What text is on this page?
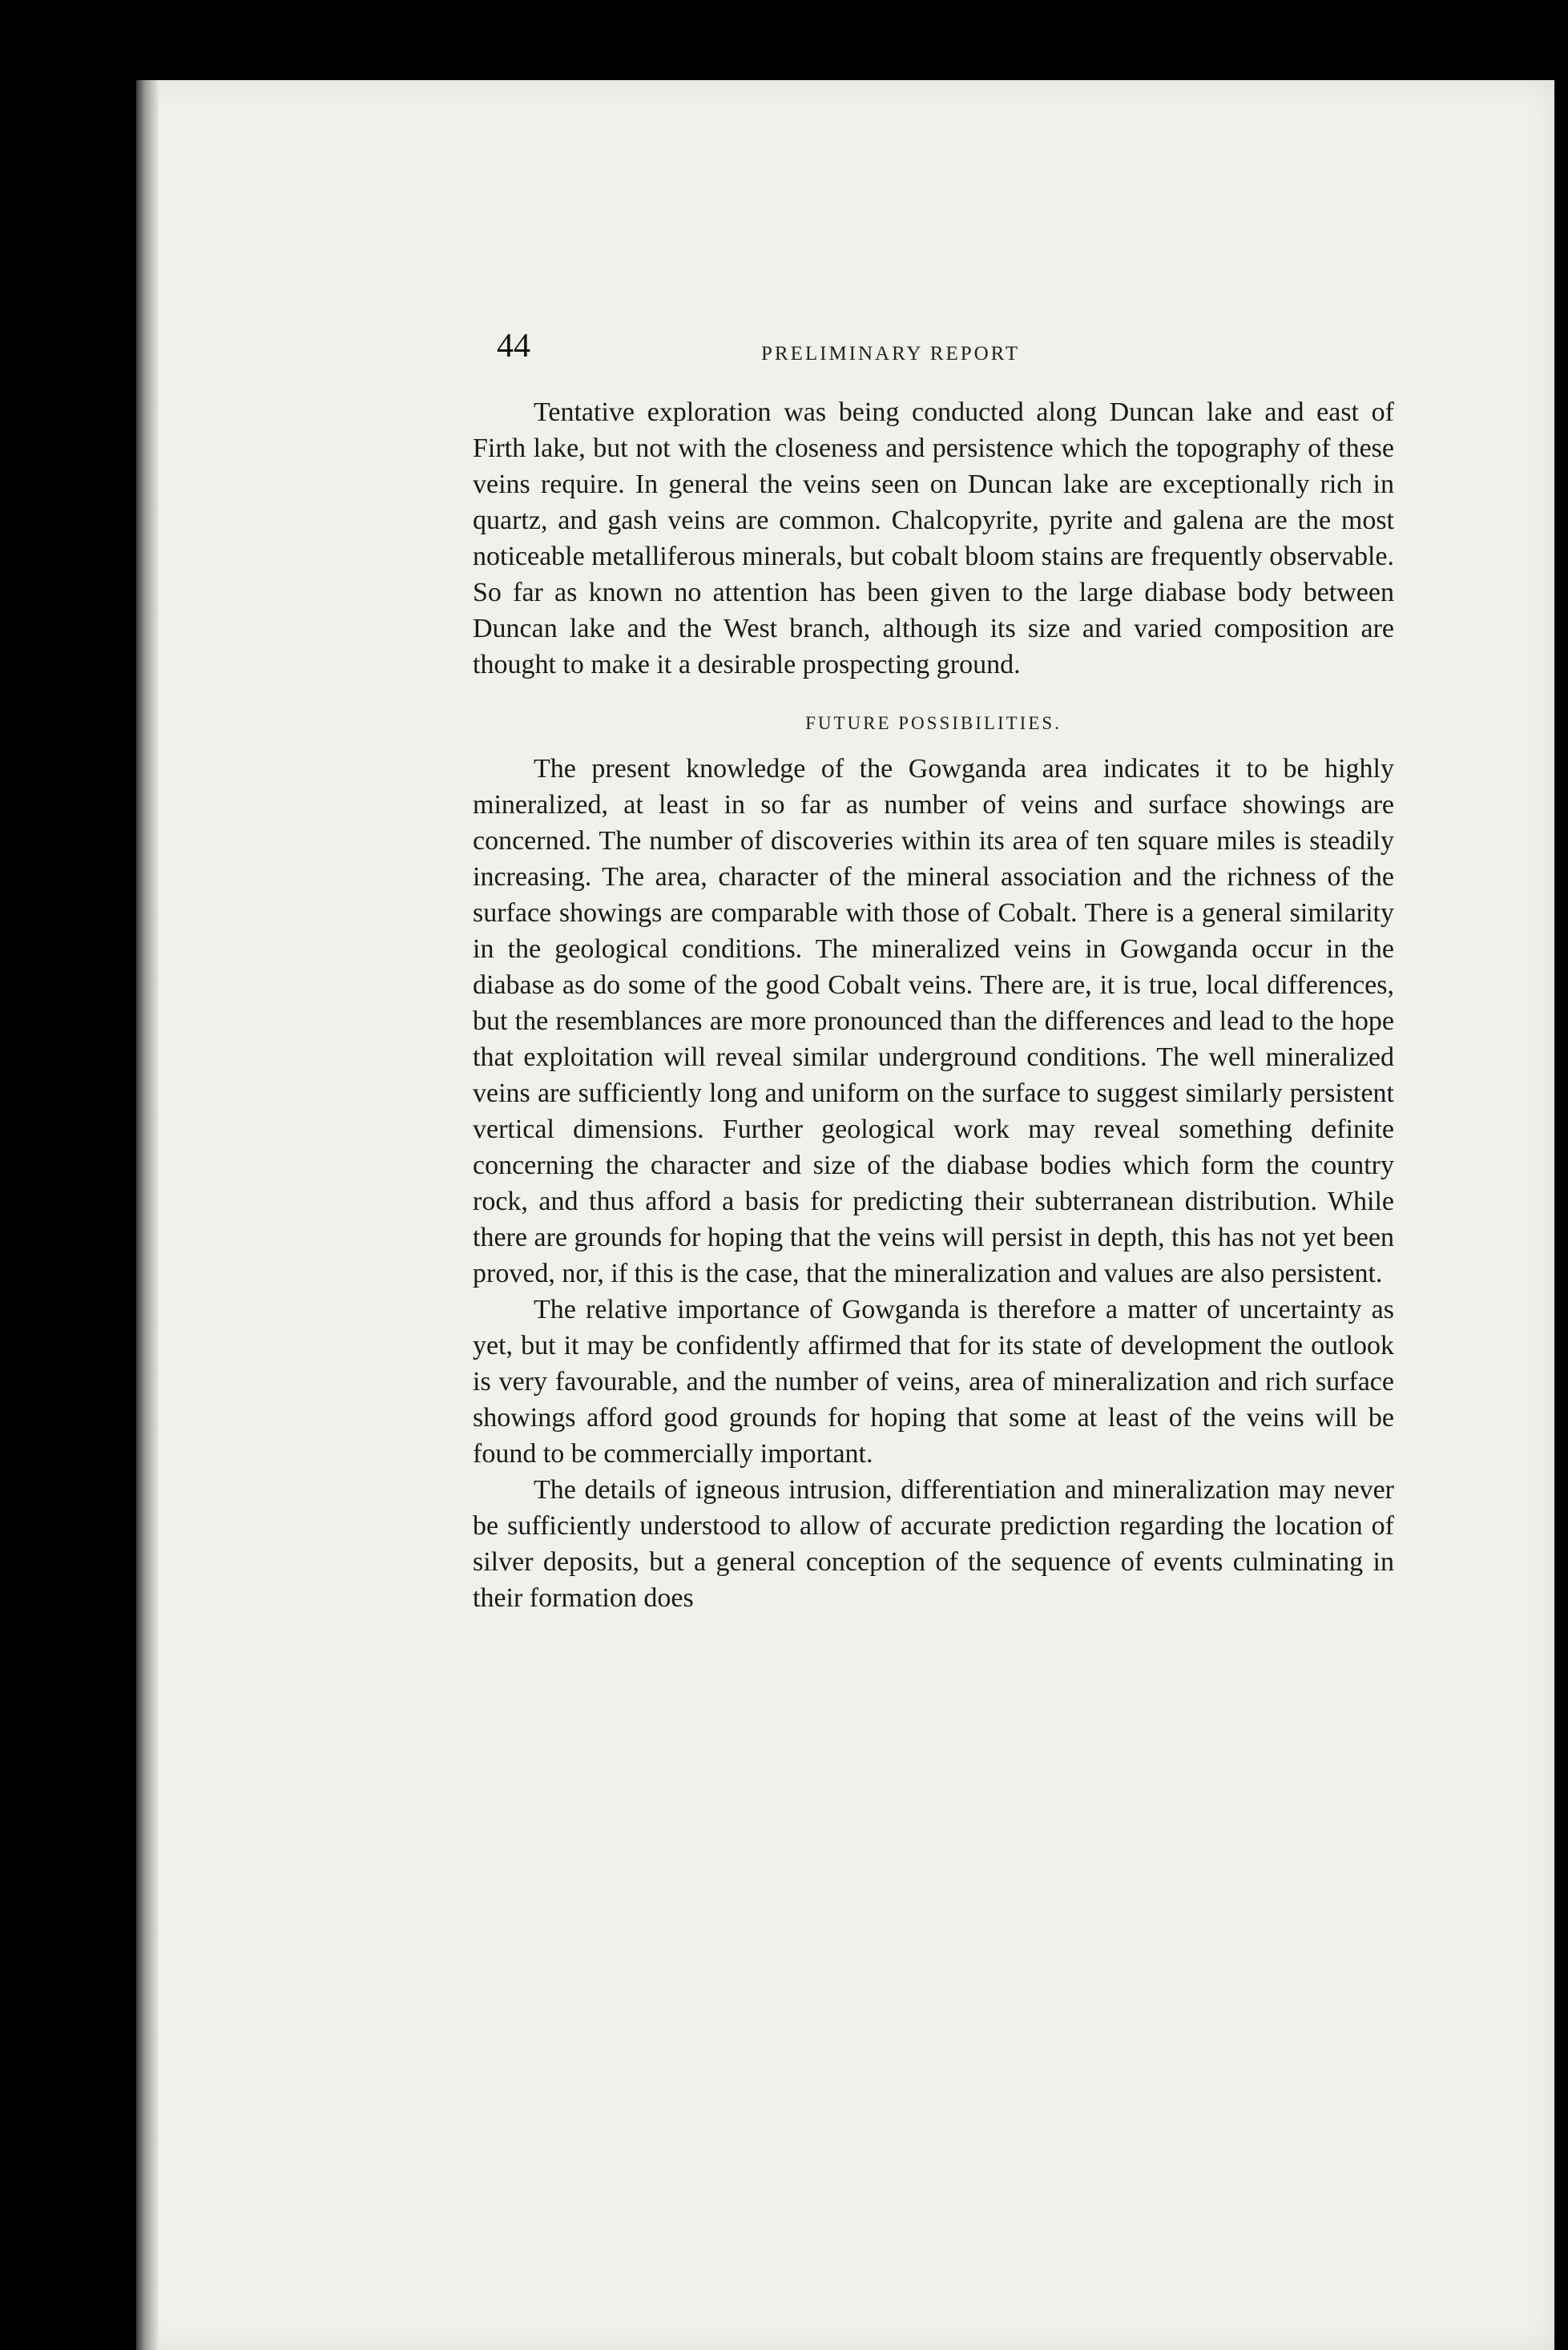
44	PRELIMINARY REPORT

Tentative exploration was being conducted along Duncan lake and east of Firth lake, but not with the closeness and persistence which the topography of these veins require. In general the veins seen on Duncan lake are exceptionally rich in quartz, and gash veins are common. Chalcopyrite, pyrite and galena are the most noticeable metalliferous minerals, but cobalt bloom stains are frequently observable. So far as known no attention has been given to the large diabase body between Duncan lake and the West branch, although its size and varied composition are thought to make it a desirable prospecting ground.

FUTURE POSSIBILITIES.

The present knowledge of the Gowganda area indicates it to be highly mineralized, at least in so far as number of veins and surface showings are concerned. The number of discoveries within its area of ten square miles is steadily increasing. The area, character of the mineral association and the richness of the surface showings are comparable with those of Cobalt. There is a general similarity in the geological conditions. The mineralized veins in Gowganda occur in the diabase as do some of the good Cobalt veins. There are, it is true, local differences, but the resemblances are more pronounced than the differences and lead to the hope that exploitation will reveal similar underground conditions. The well mineralized veins are sufficiently long and uniform on the surface to suggest similarly persistent vertical dimensions. Further geological work may reveal something definite concerning the character and size of the diabase bodies which form the country rock, and thus afford a basis for predicting their subterranean distribution. While there are grounds for hoping that the veins will persist in depth, this has not yet been proved, nor, if this is the case, that the mineralization and values are also persistent.

The relative importance of Gowganda is therefore a matter of uncertainty as yet, but it may be confidently affirmed that for its state of development the outlook is very favourable, and the number of veins, area of mineralization and rich surface showings afford good grounds for hoping that some at least of the veins will be found to be commercially important.

The details of igneous intrusion, differentiation and mineralization may never be sufficiently understood to allow of accurate prediction regarding the location of silver deposits, but a general conception of the sequence of events culminating in their formation does
